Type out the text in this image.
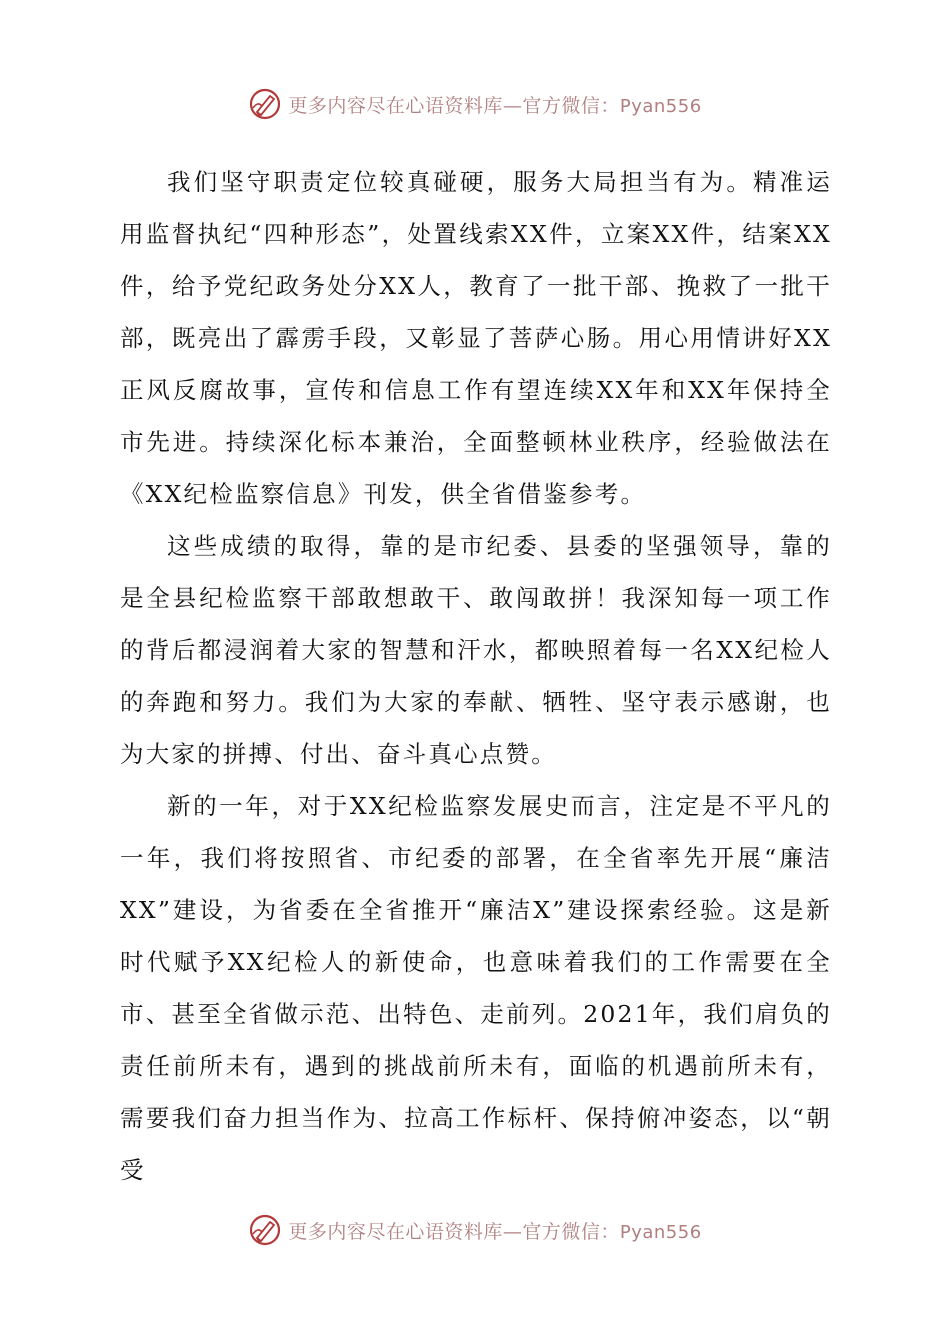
更多内容尽在心语资料库—官方微信：Pyan556

我们坚守职责定位较真碰硬，服务大局担当有为。精准运用监督执纪“四种形态”，处置线索XX件，立案XX件，结案XX件，给予党纪政务处分XX人，教育了一批干部、挽救了一批干部，既亮出了霹雳手段，又彰显了菩萨心肠。用心用情讲好XX正风反腐故事，宣传和信息工作有望连续XX年和XX年保持全市先进。持续深化标本兼治，全面整顿林业秩序，经验做法在《XX纪检监察信息》刊发，供全省借鉴参考。

这些成绩的取得，靠的是市纪委、县委的坚强领导，靠的是全县纪检监察干部敢想敢干、敢闯敢拼！我深知每一项工作的背后都浸润着大家的智慧和汗水，都映照着每一名XX纪检人的奔跑和努力。我们为大家的奉献、牺牲、坚守表示感谢，也为大家的拼搏、付出、奋斗真心点赞。

新的一年，对于XX纪检监察发展史而言，注定是不平凡的一年，我们将按照省、市纪委的部署，在全省率先开展“廉洁XX”建设，为省委在全省推开“廉洁X”建设探索经验。这是新时代赋予XX纪检人的新使命，也意味着我们的工作需要在全市、甚至全省做示范、出特色、走前列。2021年，我们肩负的责任前所未有，遇到的挑战前所未有，面临的机遇前所未有，需要我们奋力担当作为、拉高工作标杆、保持俯冲姿态，以“朝受

更多内容尽在心语资料库—官方微信：Pyan556
